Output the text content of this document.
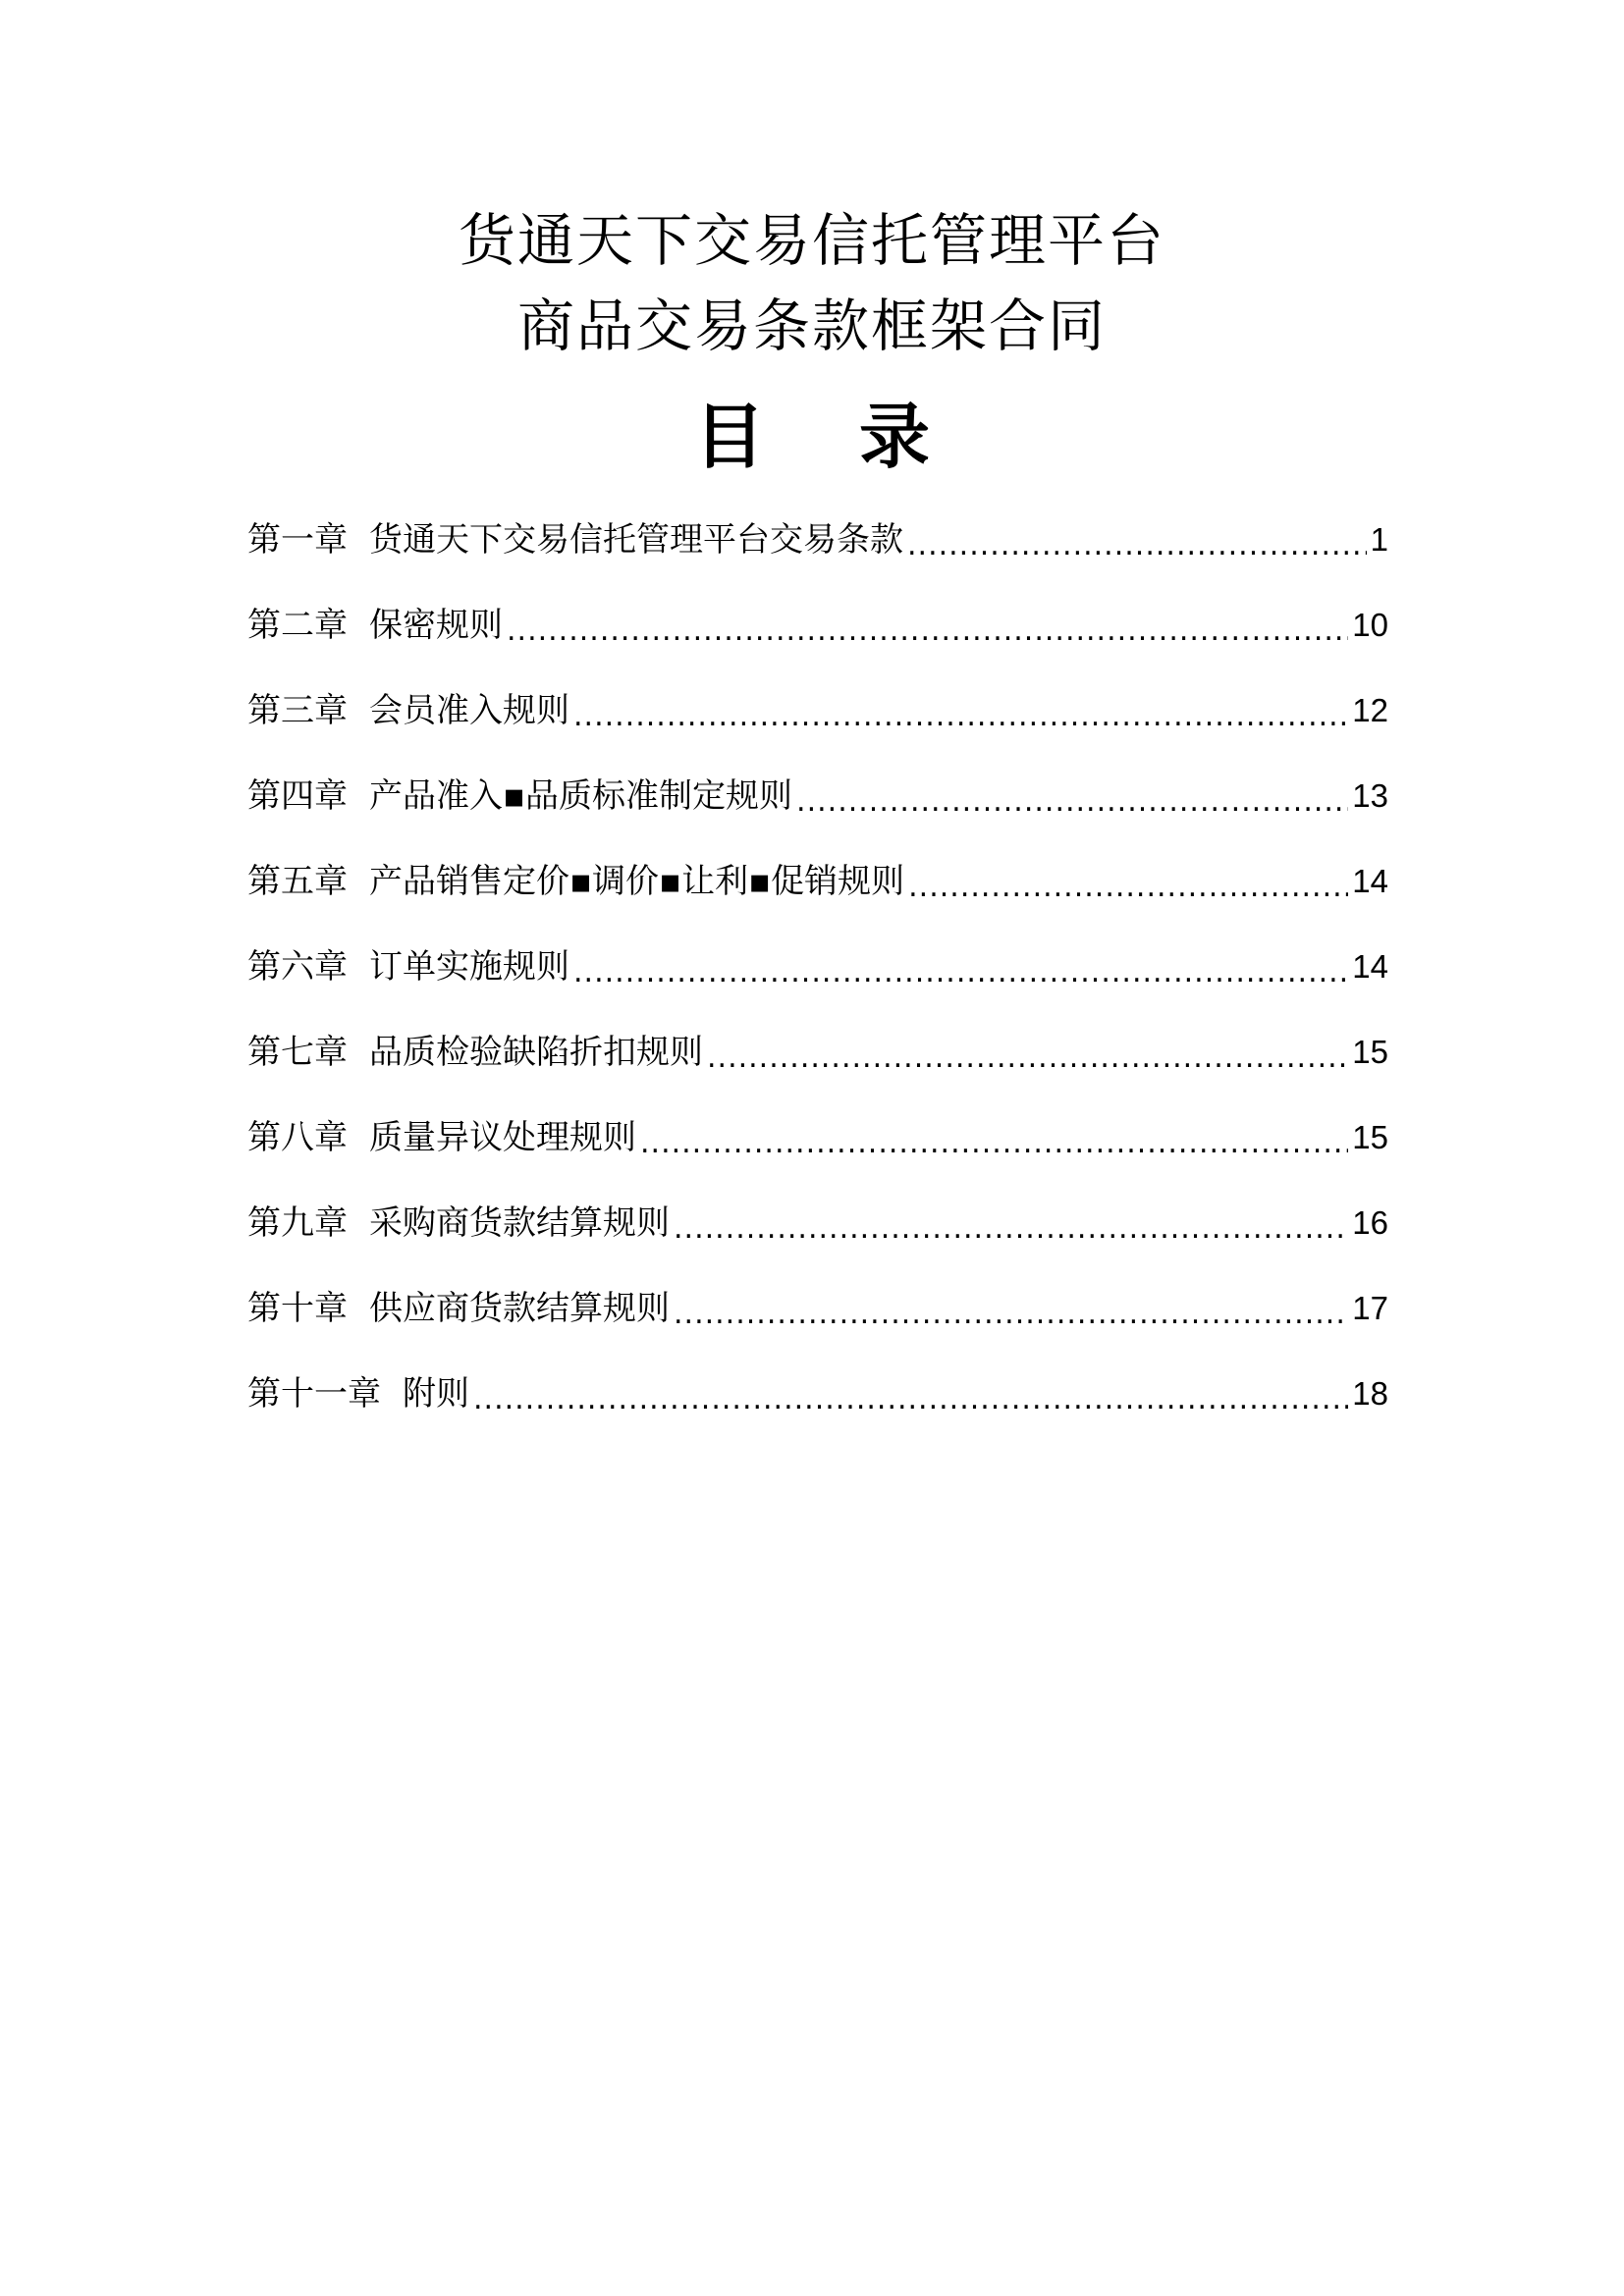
货通天下交易信托管理平台
商品交易条款框架合同
目 录
第一章 货通天下交易信托管理平台交易条款 .....	1
第二章 保密规则 .....	10
第三章 会员准入规则 .....	12
第四章 产品准入▪品质标准制定规则 .....	13
第五章 产品销售定价▪调价▪让利▪促销规则 .....	14
第六章 订单实施规则 .....	14
第七章 品质检验缺陷折扣规则 .....	15
第八章 质量异议处理规则 .....	15
第九章 采购商货款结算规则 .....	16
第十章 供应商货款结算规则 .....	17
第十一章 附则 .....	18
